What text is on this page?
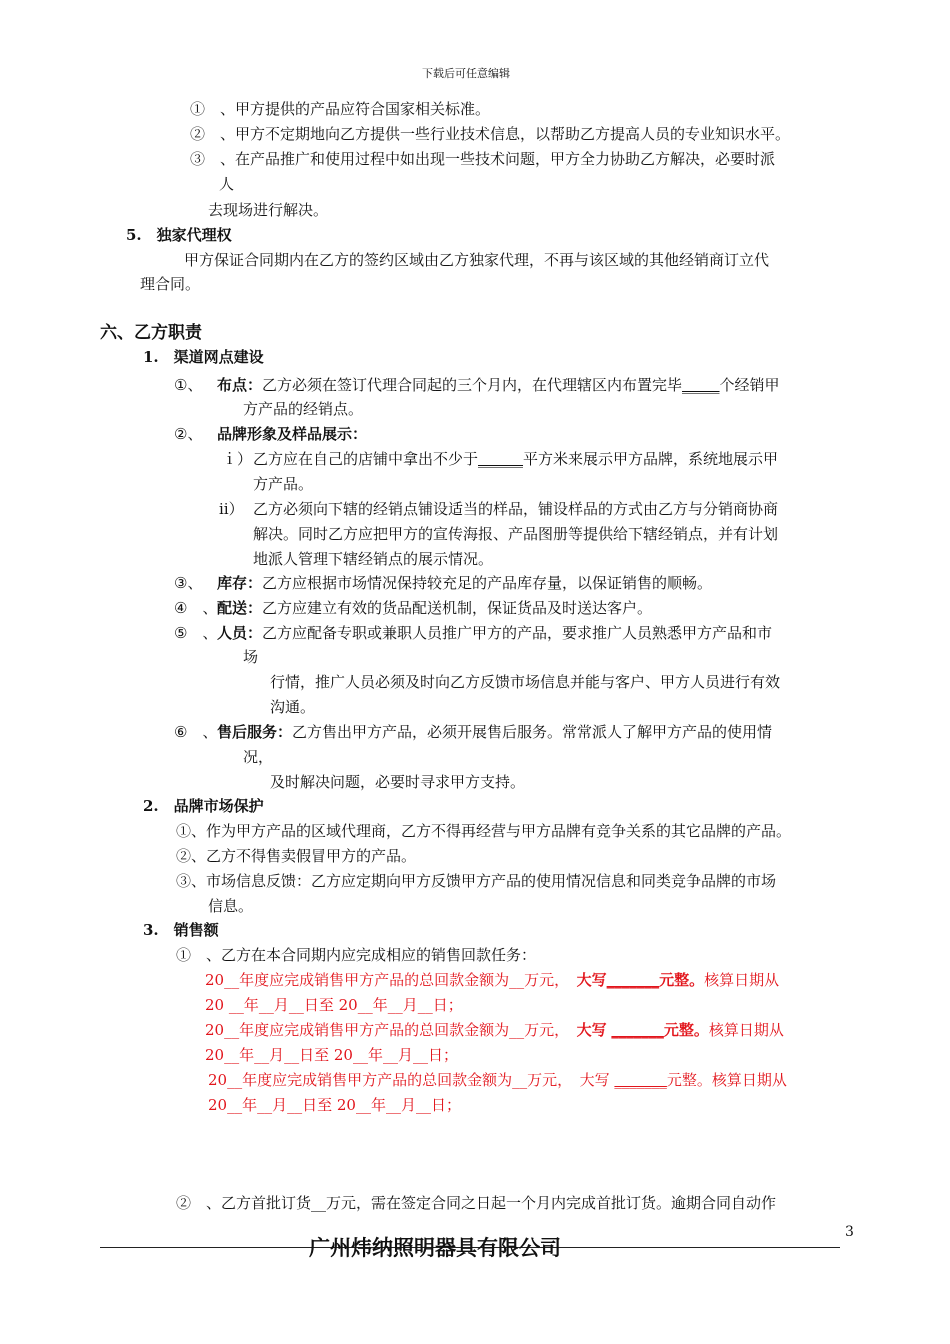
下载后可任意编辑
①　、甲方提供的产品应符合国家相关标准。
②　、甲方不定期地向乙方提供一些行业技术信息，以帮助乙方提高人员的专业知识水平。
③　、在产品推广和使用过程中如出现一些技术问题，甲方全力协助乙方解决，必要时派
人
去现场进行解决。
5.　独家代理权
甲方保证合同期内在乙方的签约区域由乙方独家代理，不再与该区域的其他经销商订立代
理合同。
六、乙方职责
1.　渠道网点建设
①、 布点：乙方必须在签订代理合同起的三个月内，在代理辖区内布置完毕_____个经销甲
方产品的经销点。
②、 品牌形象及样品展示：
ｉ） 乙方应在自己的店铺中拿出不少于______平方米来展示甲方品牌，系统地展示甲
方产品。
ⅱ） 乙方必须向下辖的经销点铺设适当的样品，铺设样品的方式由乙方与分销商协商
解决。同时乙方应把甲方的宣传海报、产品图册等提供给下辖经销点，并有计划
地派人管理下辖经销点的展示情况。
③、 库存：乙方应根据市场情况保持较充足的产品库存量，以保证销售的顺畅。
④　、 配送：乙方应建立有效的货品配送机制，保证货品及时送达客户。
⑤　、 人员：乙方应配备专职或兼职人员推广甲方的产品，要求推广人员熟悉甲方产品和市
场
行情，推广人员必须及时向乙方反馈市场信息并能与客户、甲方人员进行有效
沟通。
⑥　、 售后服务：乙方售出甲方产品，必须开展售后服务。常常派人了解甲方产品的使用情
况，
及时解决问题，必要时寻求甲方支持。
2.　品牌市场保护
①、作为甲方产品的区域代理商，乙方不得再经营与甲方品牌有竞争关系的其它品牌的产品。
②、乙方不得售卖假冒甲方的产品。
③、市场信息反馈：乙方应定期向甲方反馈甲方产品的使用情况信息和同类竞争品牌的市场
信息。
3.　销售额
①　、乙方在本合同期内应完成相应的销售回款任务：
20__年度应完成销售甲方产品的总回款金额为__万元，　 大写_______元整。核算日期从
20 __年__月__日至 20__年__月__日；
20__年度应完成销售甲方产品的总回款金额为__万元，　 大写 _______元整。核算日期从
20__年__月__日至 20__年__月__日；
20__年度应完成销售甲方产品的总回款金额为__万元，　 大写 _______元整。核算日期从
20__年__月__日至 20__年__月__日；
②　、乙方首批订货__万元，需在签定合同之日起一个月内完成首批订货。逾期合同自动作
3
广州炜纳照明器具有限公司
